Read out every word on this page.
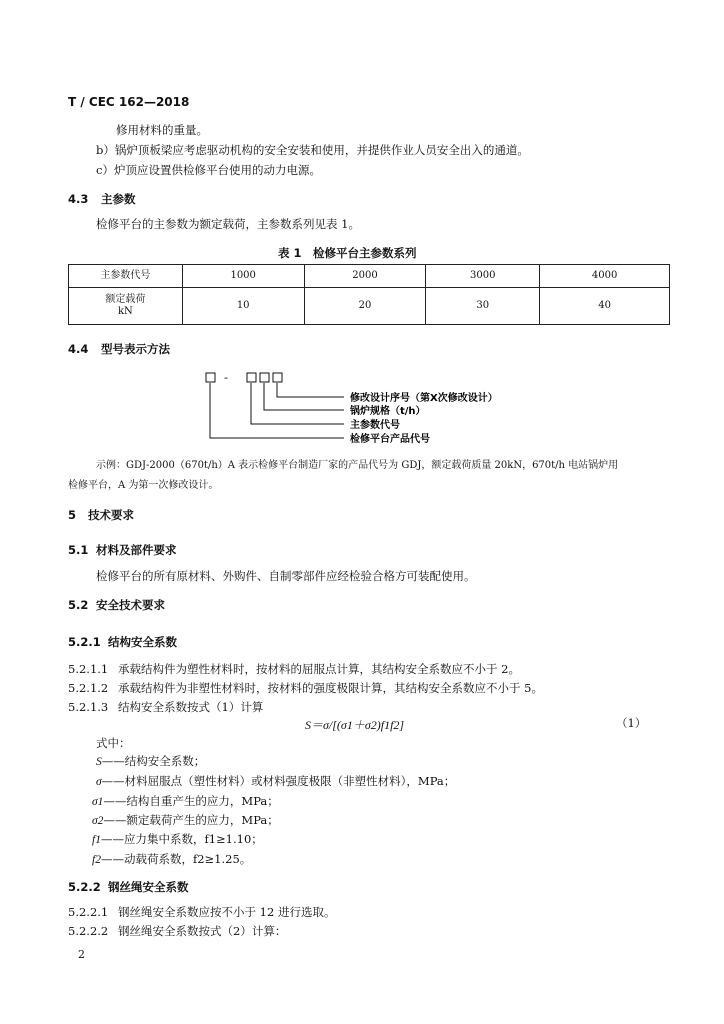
T / CEC 162—2018
修用材料的重量。
b）锅炉顶板梁应考虑驱动机构的安全安装和使用，并提供作业人员安全出入的通道。
c）炉顶应设置供检修平台使用的动力电源。
4.3 主参数
检修平台的主参数为额定载荷，主参数系列见表 1。
表 1　检修平台主参数系列
主参数代号	1000	2000	3000	4000

额定载荷
kN	10	20	30	40
4.4 型号表示方法
-
修改设计序号（第X次修改设计）
锅炉规格（t/h）
主参数代号
检修平台产品代号
示例：GDJ-2000（670t/h）A 表示检修平台制造厂家的产品代号为 GDJ，额定载荷质量 20kN，670t/h 电站锅炉用
检修平台，A 为第一次修改设计。
5 技术要求
5.1 材料及部件要求
检修平台的所有原材料、外购件、自制零部件应经检验合格方可装配使用。
5.2 安全技术要求
5.2.1 结构安全系数
5.2.1.1 承载结构件为塑性材料时，按材料的屈服点计算，其结构安全系数应不小于 2。
5.2.1.2 承载结构件为非塑性材料时，按材料的强度极限计算，其结构安全系数应不小于 5。
5.2.1.3 结构安全系数按式（1）计算
S＝σ/[(σ1＋σ2)f1f2]	（1）
式中：
S——结构安全系数；
σ——材料屈服点（塑性材料）或材料强度极限（非塑性材料），MPa；
σ1——结构自重产生的应力，MPa；
σ2——额定载荷产生的应力，MPa；
f1——应力集中系数，f1≥1.10；
f2——动载荷系数，f2≥1.25。
5.2.2 钢丝绳安全系数
5.2.2.1 钢丝绳安全系数应按不小于 12 进行选取。
5.2.2.2 钢丝绳安全系数按式（2）计算：
2
